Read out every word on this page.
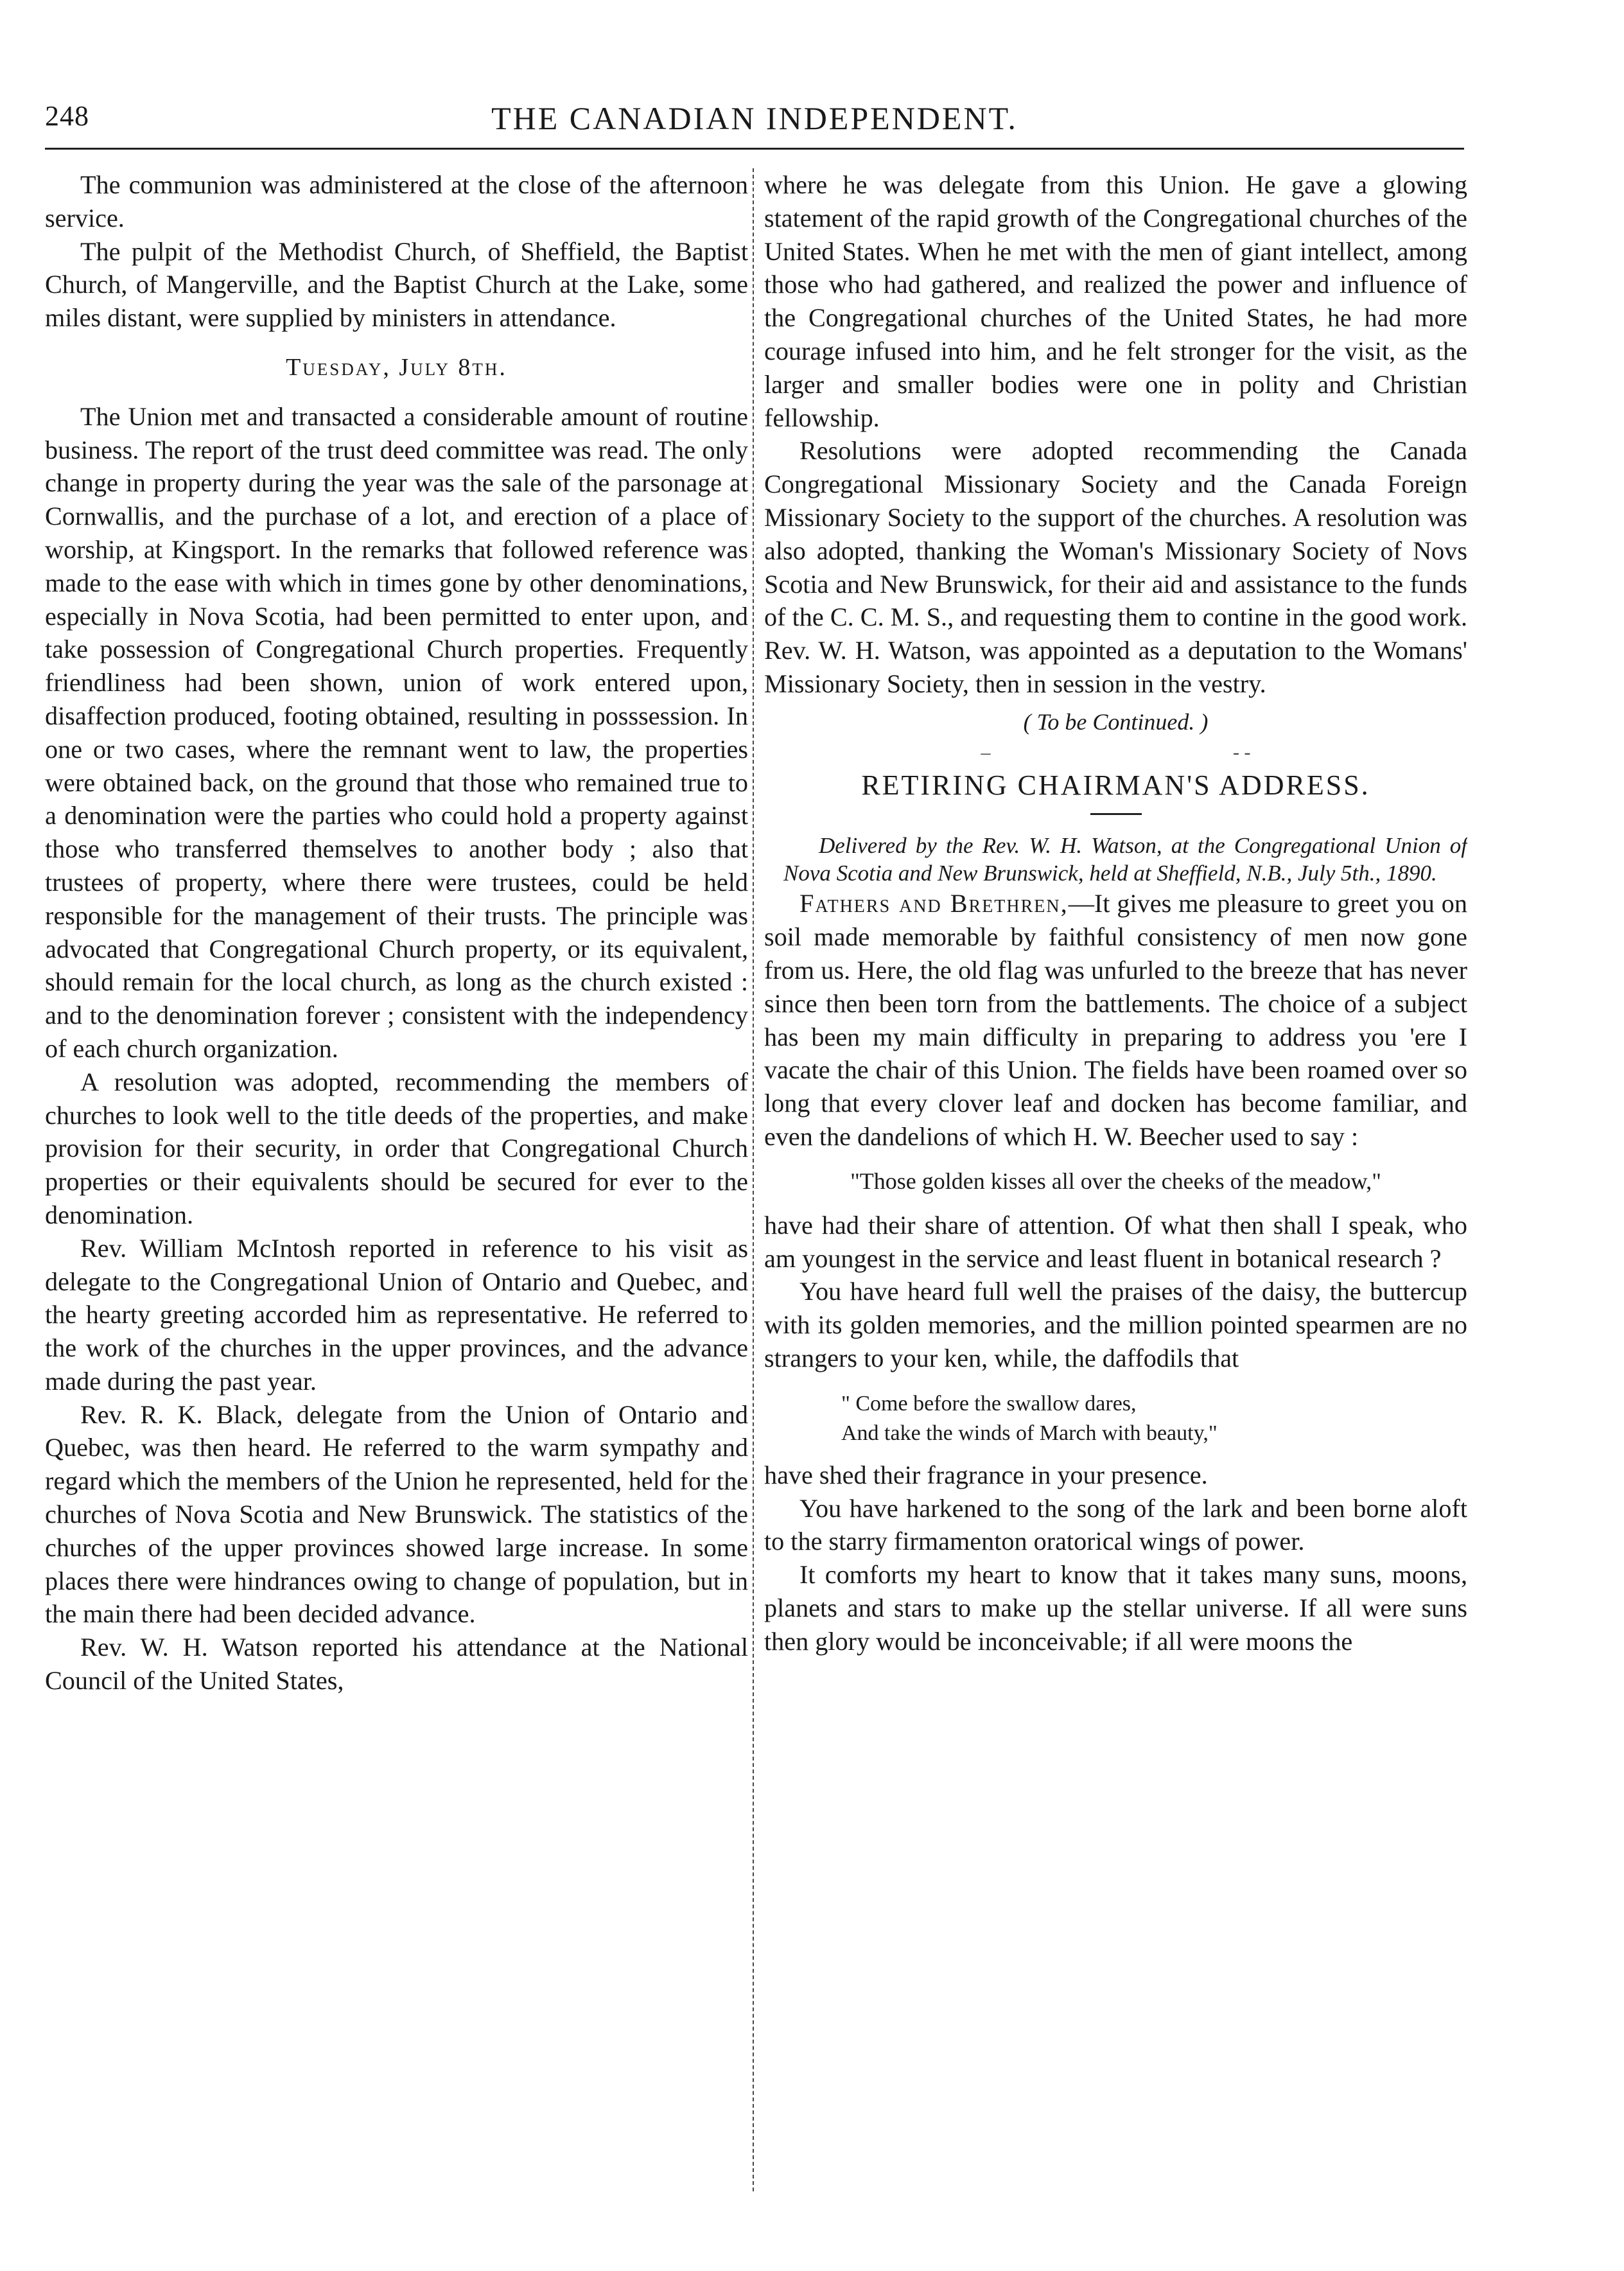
248	THE CANADIAN INDEPENDENT.

The communion was administered at the close of the afternoon service.

The pulpit of the Methodist Church, of Sheffield, the Baptist Church, of Mangerville, and the Baptist Church at the Lake, some miles distant, were supplied by ministers in attendance.

Tuesday, July 8th.

The Union met and transacted a considerable amount of routine business. The report of the trust deed committee was read. The only change in property during the year was the sale of the parsonage at Cornwallis, and the purchase of a lot, and erection of a place of worship, at Kingsport. In the remarks that followed reference was made to the ease with which in times gone by other denominations, especially in Nova Scotia, had been permitted to enter upon, and take possession of Congregational Church properties. Frequently friendliness had been shown, union of work entered upon, disaffection produced, footing obtained, resulting in posssession. In one or two cases, where the remnant went to law, the properties were obtained back, on the ground that those who remained true to a denomination were the parties who could hold a property against those who transferred themselves to another body ; also that trustees of property, where there were trustees, could be held responsible for the management of their trusts. The principle was advocated that Congregational Church property, or its equivalent, should remain for the local church, as long as the church existed : and to the denomination forever ; consistent with the independency of each church organization.

A resolution was adopted, recommending the members of churches to look well to the title deeds of the properties, and make provision for their security, in order that Congregational Church properties or their equivalents should be secured for ever to the denomination.

Rev. William McIntosh reported in reference to his visit as delegate to the Congregational Union of Ontario and Quebec, and the hearty greeting accorded him as representative. He referred to the work of the churches in the upper provinces, and the advance made during the past year.

Rev. R. K. Black, delegate from the Union of Ontario and Quebec, was then heard. He referred to the warm sympathy and regard which the members of the Union he represented, held for the churches of Nova Scotia and New Brunswick. The statistics of the churches of the upper provinces showed large increase. In some places there were hindrances owing to change of population, but in the main there had been decided advance.

Rev. W. H. Watson reported his attendance at the National Council of the United States,

where he was delegate from this Union. He gave a glowing statement of the rapid growth of the Congregational churches of the United States. When he met with the men of giant intellect, among those who had gathered, and realized the power and influence of the Congregational churches of the United States, he had more courage infused into him, and he felt stronger for the visit, as the larger and smaller bodies were one in polity and Christian fellowship.

Resolutions were adopted recommending the Canada Congregational Missionary Society and the Canada Foreign Missionary Society to the support of the churches. A resolution was also adopted, thanking the Woman's Missionary Society of Novs Scotia and New Brunswick, for their aid and assistance to the funds of the C. C. M. S., and requesting them to contine in the good work. Rev. W. H. Watson, was appointed as a deputation to the Womans' Missionary Society, then in session in the vestry.

( To be Continued. )
–	- -
RETIRING CHAIRMAN'S ADDRESS.

Delivered by the Rev. W. H. Watson, at the Congregational Union of Nova Scotia and New Brunswick, held at Sheffield, N.B., July 5th., 1890.

Fathers and Brethren,—It gives me pleasure to greet you on soil made memorable by faithful consistency of men now gone from us. Here, the old flag was unfurled to the breeze that has never since then been torn from the battlements. The choice of a subject has been my main difficulty in preparing to address you 'ere I vacate the chair of this Union. The fields have been roamed over so long that every clover leaf and docken has become familiar, and even the dandelions of which H. W. Beecher used to say :

"Those golden kisses all over the cheeks of the meadow,"

have had their share of attention. Of what then shall I speak, who am youngest in the service and least fluent in botanical research ?

You have heard full well the praises of the daisy, the buttercup with its golden memories, and the million pointed spearmen are no strangers to your ken, while, the daffodils that

" Come before the swallow dares,
And take the winds of March with beauty,"

have shed their fragrance in your presence.

You have harkened to the song of the lark and been borne aloft to the starry firmamenton oratorical wings of power.

It comforts my heart to know that it takes many suns, moons, planets and stars to make up the stellar universe. If all were suns then glory would be inconceivable; if all were moons the
